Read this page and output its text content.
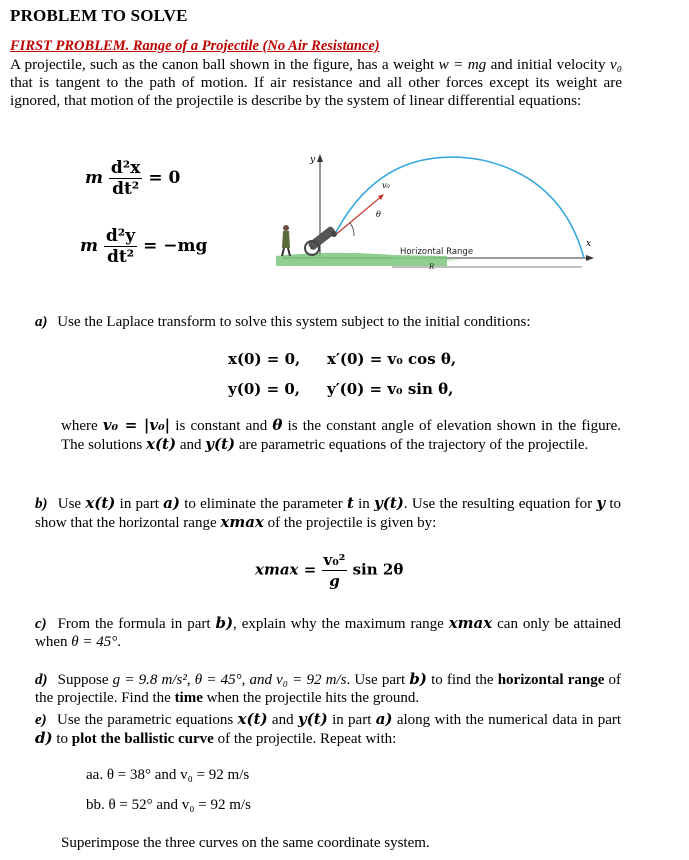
PROBLEM TO SOLVE
FIRST PROBLEM. Range of a Projectile (No Air Resistance)
A projectile, such as the canon ball shown in the figure, has a weight w = mg and initial velocity v₀ that is tangent to the path of motion. If air resistance and all other forces except its weight are ignored, that motion of the projectile is describe by the system of linear differential equations:
m $\frac{\text{d²x}}{\text{dt²}} = 0$
m $\frac{\text{d²y}}{\text{dt²}} = -mg$
y
x
v₀
θ
Horizontal Range
R
a) Use the Laplace transform to solve this system subject to the initial conditions:
x(0) = 0, x′(0) = v₀ cos θ,
y(0) = 0, y′(0) = v₀ sin θ,
where v₀ = |v₀| is constant and θ is the constant angle of elevation shown in the figure. The solutions x(t) and y(t) are parametric equations of the trajectory of the projectile.
b) Use x(t) in part a) to eliminate the parameter t in y(t). Use the resulting equation for y to show that the horizontal range xmax of the projectile is given by:
$xmax = \frac{\text{v₀²}}{g}$ sin 2θ
c) From the formula in part b), explain why the maximum range xmax can only be attained when θ = 45°.
d) Suppose g = 9.8 m/s², θ = 45°, and v₀ = 92 m/s. Use part b) to find the horizontal range of the projectile. Find the time when the projectile hits the ground.
e) Use the parametric equations x(t) and y(t) in part a) along with the numerical data in part d) to plot the ballistic curve of the projectile. Repeat with:
aa. θ = 38° and v₀ = 92 m/s
bb. θ = 52° and v₀ = 92 m/s
Superimpose the three curves on the same coordinate system.
